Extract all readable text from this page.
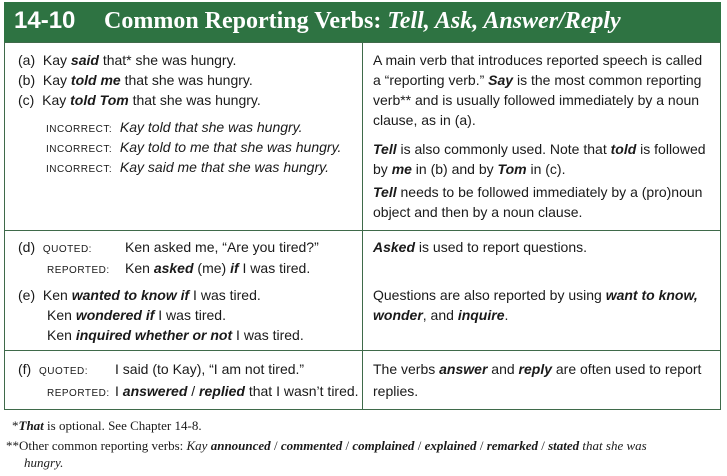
14-10 Common Reporting Verbs: Tell, Ask, Answer/Reply
(a) Kay said that* she was hungry.
(b) Kay told me that she was hungry.
(c) Kay told Tom that she was hungry.
INCORRECT: Kay told that she was hungry.
INCORRECT: Kay told to me that she was hungry.
INCORRECT: Kay said me that she was hungry.
A main verb that introduces reported speech is called
a “reporting verb.” Say is the most common reporting
verb** and is usually followed immediately by a noun
clause, as in (a).
Tell is also commonly used. Note that told is followed
by me in (b) and by Tom in (c).
Tell needs to be followed immediately by a (pro)noun
object and then by a noun clause.
(d) QUOTED: Ken asked me, “Are you tired?”
REPORTED: Ken asked (me) if I was tired.
(e) Ken wanted to know if I was tired.
Ken wondered if I was tired.
Ken inquired whether or not I was tired.
Asked is used to report questions.
Questions are also reported by using want to know,
wonder, and inquire.
(f) QUOTED: I said (to Kay), “I am not tired.”
REPORTED: I answered / replied that I wasn’t tired.
The verbs answer and reply are often used to report
replies.
*That is optional. See Chapter 14-8.
**Other common reporting verbs: Kay announced / commented / complained / explained / remarked / stated that she was
hungry.
